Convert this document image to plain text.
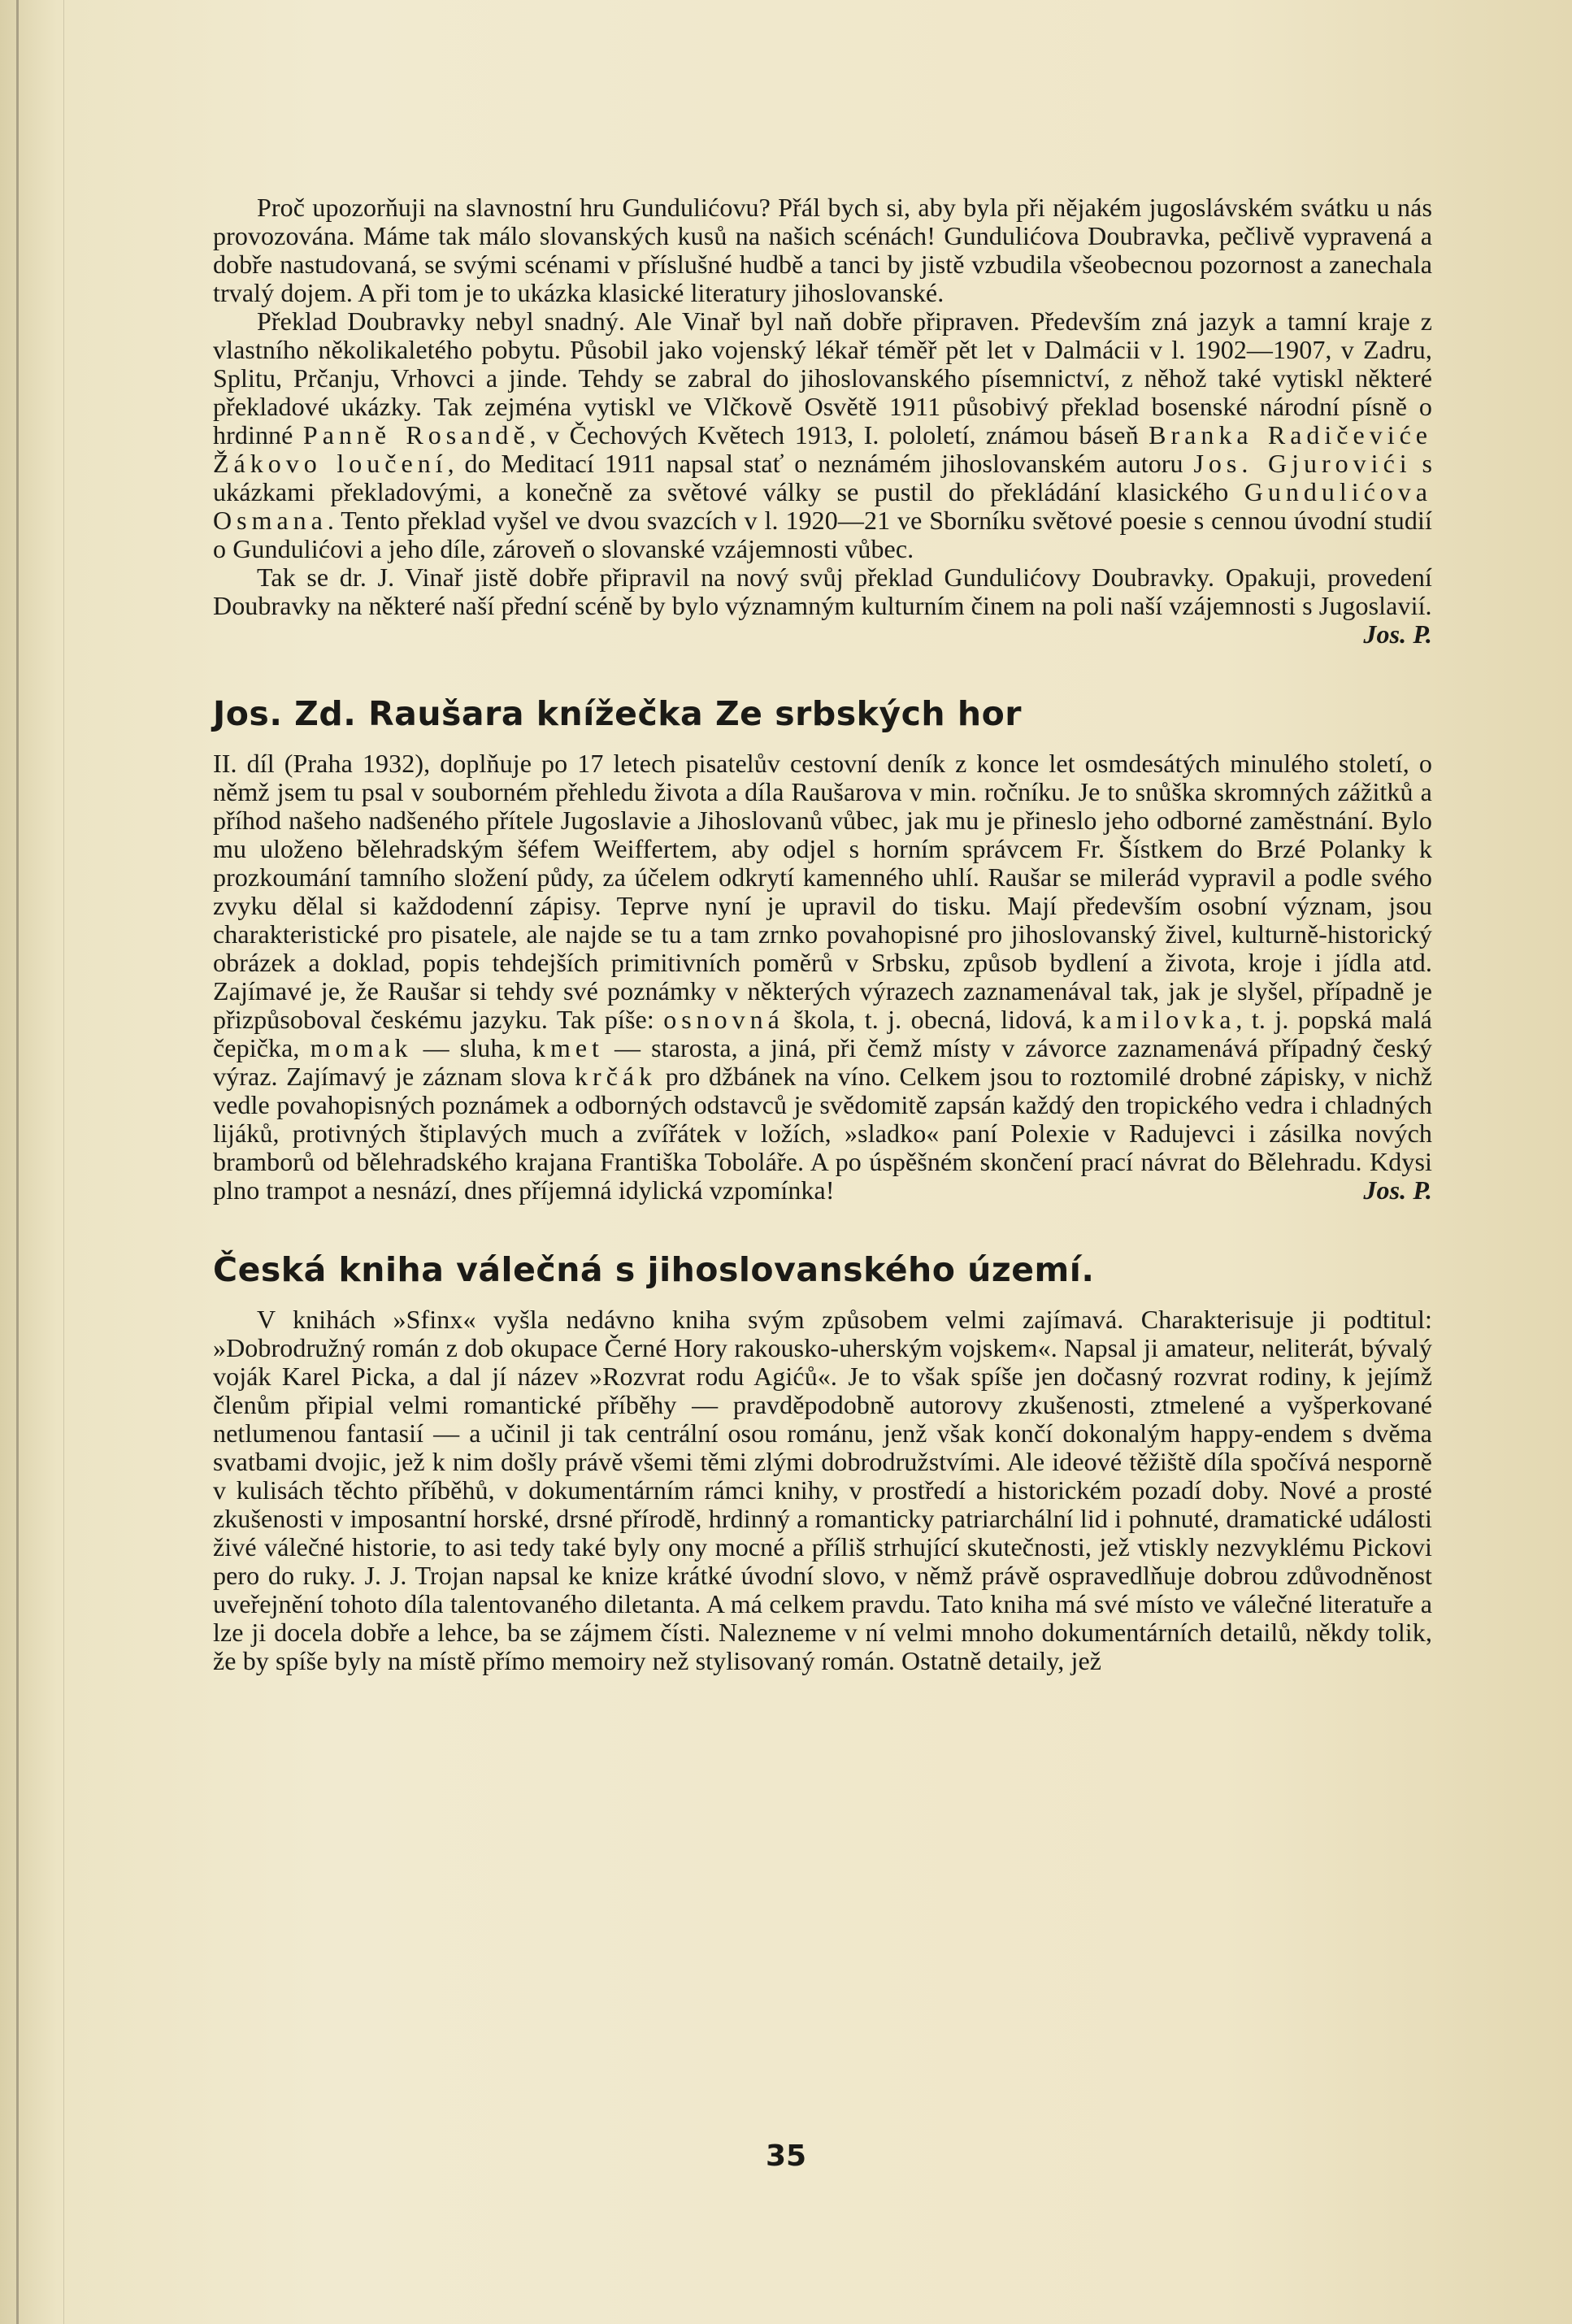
Proč upozorňuji na slavnostní hru Gundulićovu? Přál bych si, aby byla při nějakém jugoslávském svátku u nás provozována. Máme tak málo slovanských kusů na našich scénách! Gundulićova Doubravka, pečlivě vypravená a dobře nastudovaná, se svými scénami v příslušné hudbě a tanci by jistě vzbudila všeobecnou pozornost a zanechala trvalý dojem. A při tom je to ukázka klasické literatury jihoslovanské.

Překlad Doubravky nebyl snadný. Ale Vinař byl naň dobře připraven. Především zná jazyk a tamní kraje z vlastního několikaletého pobytu. Působil jako vojenský lékař téměř pět let v Dalmácii v l. 1902—1907, v Zadru, Splitu, Prčanju, Vrhovci a jinde. Tehdy se zabral do jihoslovanského písemnictví, z něhož také vytiskl některé překladové ukázky. Tak zejména vytiskl ve Vlčkově Osvětě 1911 působivý překlad bosenské národní písně o hrdinné Panně Rosandě, v Čechových Květech 1913, I. pololetí, známou báseň Branka Radičeviće Žákovo loučení, do Meditací 1911 napsal stať o neznámém jihoslovanském autoru Jos. Gjurovići s ukázkami překladovými, a konečně za světové války se pustil do překládání klasického Gundulićova Osmana. Tento překlad vyšel ve dvou svazcích v l. 1920—21 ve Sborníku světové poesie s cennou úvodní studií o Gundulićovi a jeho díle, zároveň o slovanské vzájemnosti vůbec.

Tak se dr. J. Vinař jistě dobře připravil na nový svůj překlad Gundulićovy Doubravky. Opakuji, provedení Doubravky na některé naší přední scéně by bylo významným kulturním činem na poli naší vzájemnosti s Jugoslavií.
Jos. P.

Jos. Zd. Raušara knížečka Ze srbských hor

II. díl (Praha 1932), doplňuje po 17 letech pisatelův cestovní deník z konce let osmdesátých minulého století, o němž jsem tu psal v souborném přehledu života a díla Raušarova v min. ročníku. Je to snůška skromných zážitků a příhod našeho nadšeného přítele Jugoslavie a Jihoslovanů vůbec, jak mu je přineslo jeho odborné zaměstnání. Bylo mu uloženo bělehradským šéfem Weiffertem, aby odjel s horním správcem Fr. Šístkem do Brzé Polanky k prozkoumání tamního složení půdy, za účelem odkrytí kamenného uhlí. Raušar se milerád vypravil a podle svého zvyku dělal si každodenní zápisy. Teprve nyní je upravil do tisku. Mají především osobní význam, jsou charakteristické pro pisatele, ale najde se tu a tam zrnko povahopisné pro jihoslovanský živel, kulturně-historický obrázek a doklad, popis tehdejších primitivních poměrů v Srbsku, způsob bydlení a života, kroje i jídla atd. Zajímavé je, že Raušar si tehdy své poznámky v některých výrazech zaznamenával tak, jak je slyšel, případně je přizpůsoboval českému jazyku. Tak píše: osnovná škola, t. j. obecná, lidová, kamilovka, t. j. popská malá čepička, momak — sluha, kmet — starosta, a jiná, při čemž místy v závorce zaznamenává případný český výraz. Zajímavý je záznam slova krčák pro džbánek na víno. Celkem jsou to roztomilé drobné zápisky, v nichž vedle povahopisných poznámek a odborných odstavců je svědomitě zapsán každý den tropického vedra i chladných lijáků, protivných štiplavých much a zvířátek v ložích, »sladko« paní Polexie v Radujevci i zásilka nových bramborů od bělehradského krajana Františka Toboláře. A po úspěšném skončení prací návrat do Bělehradu. Kdysi plno trampot a nesnází, dnes příjemná idylická vzpomínka!	Jos. P.

Česká kniha válečná s jihoslovanského území.

V knihách »Sfinx« vyšla nedávno kniha svým způsobem velmi zajímavá. Charakterisuje ji podtitul: »Dobrodružný román z dob okupace Černé Hory rakousko-uherským vojskem«. Napsal ji amateur, neliterát, bývalý voják Karel Picka, a dal jí název »Rozvrat rodu Agićů«. Je to však spíše jen dočasný rozvrat rodiny, k jejímž členům připial velmi romantické příběhy — pravděpodobně autorovy zkušenosti, ztmelené a vyšperkované netlumenou fantasií — a učinil ji tak centrální osou románu, jenž však končí dokonalým happy-endem s dvěma svatbami dvojic, jež k nim došly právě všemi těmi zlými dobrodružstvími. Ale ideové těžiště díla spočívá nesporně v kulisách těchto příběhů, v dokumentárním rámci knihy, v prostředí a historickém pozadí doby. Nové a prosté zkušenosti v imposantní horské, drsné přírodě, hrdinný a romanticky patriarchální lid i pohnuté, dramatické události živé válečné historie, to asi tedy také byly ony mocné a příliš strhující skutečnosti, jež vtiskly nezvyklému Pickovi pero do ruky. J. J. Trojan napsal ke knize krátké úvodní slovo, v němž právě ospravedlňuje dobrou zdůvodněnost uveřejnění tohoto díla talentovaného diletanta. A má celkem pravdu. Tato kniha má své místo ve válečné literatuře a lze ji docela dobře a lehce, ba se zájmem čísti. Nalezneme v ní velmi mnoho dokumentárních detailů, někdy tolik, že by spíše byly na místě přímo memoiry než stylisovaný román. Ostatně detaily, jež

35
